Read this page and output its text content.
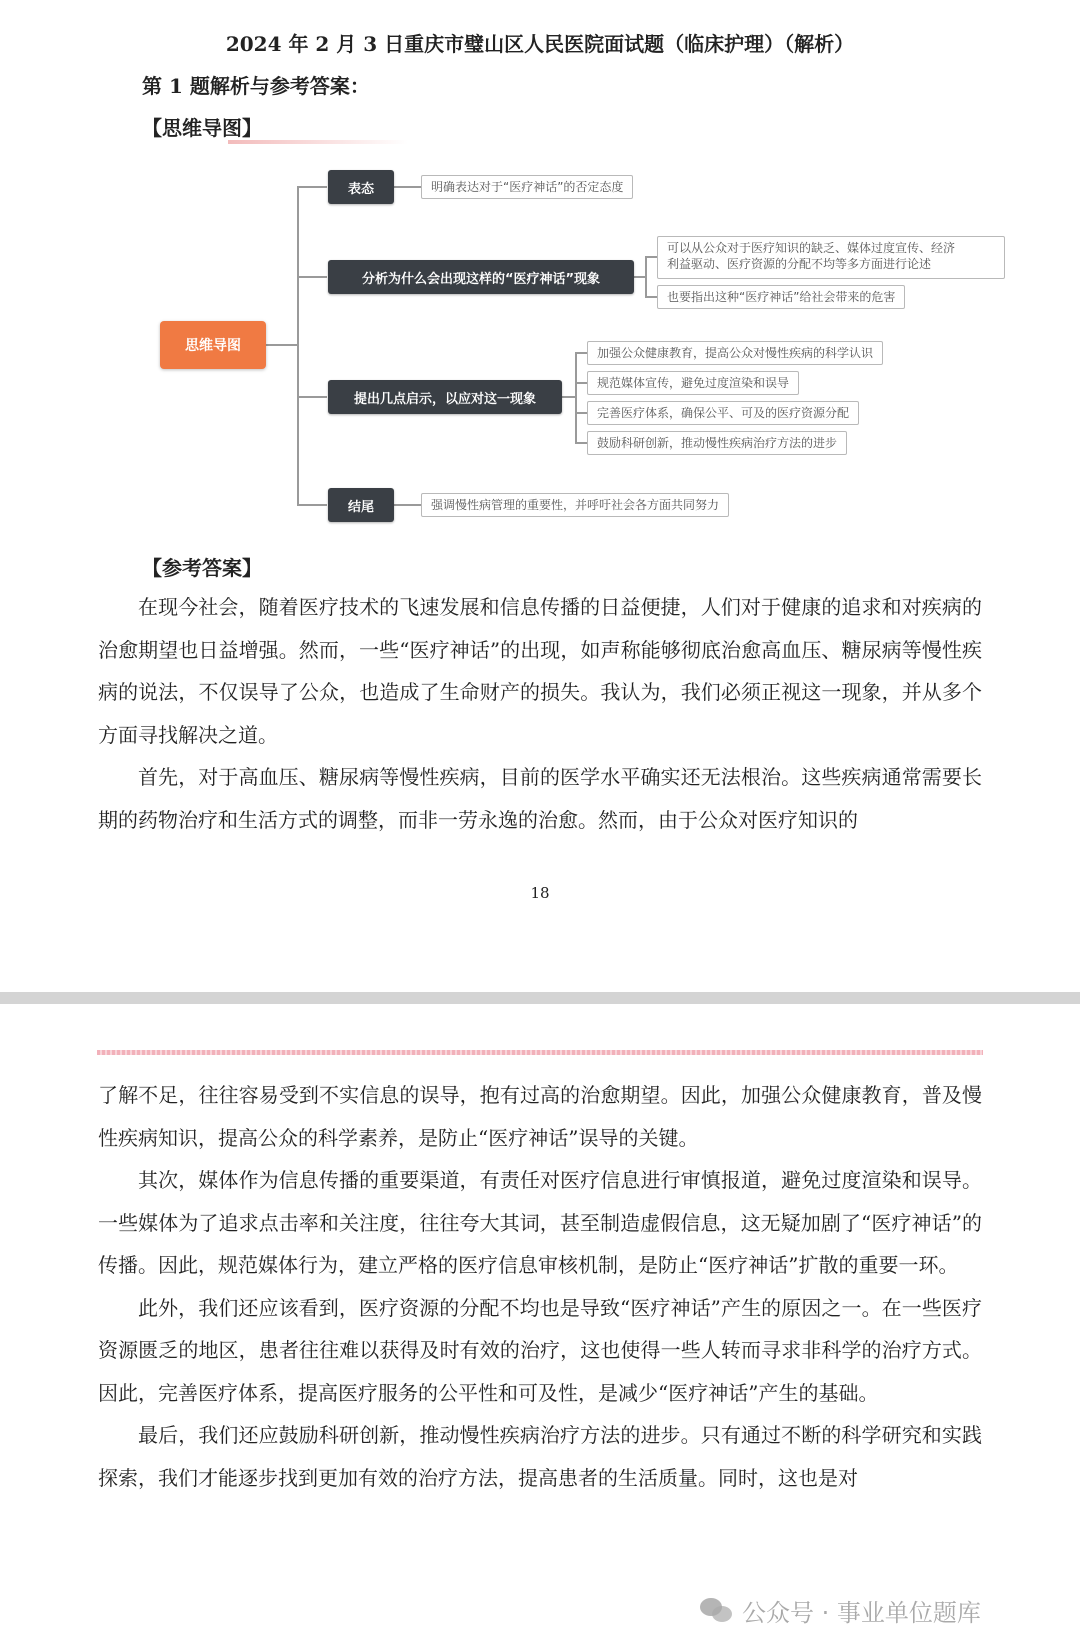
2024 年 2 月 3 日重庆市璧山区人民医院面试题（临床护理）（解析）
第 1 题解析与参考答案：
【思维导图】
思维导图
表态
分析为什么会出现这样的“医疗神话”现象
提出几点启示，以应对这一现象
结尾
明确表达对于“医疗神话”的否定态度
可以从公众对于医疗知识的缺乏、媒体过度宣传、经济
利益驱动、医疗资源的分配不均等多方面进行论述
也要指出这种“医疗神话”给社会带来的危害
加强公众健康教育，提高公众对慢性疾病的科学认识
规范媒体宣传，避免过度渲染和误导
完善医疗体系，确保公平、可及的医疗资源分配
鼓励科研创新，推动慢性疾病治疗方法的进步
强调慢性病管理的重要性，并呼吁社会各方面共同努力
【参考答案】

在现今社会，随着医疗技术的飞速发展和信息传播的日益便捷，人们对于健康的追求和对疾病的治愈期望也日益增强。然而，一些“医疗神话”的出现，如声称能够彻底治愈高血压、糖尿病等慢性疾病的说法，不仅误导了公众，也造成了生命财产的损失。我认为，我们必须正视这一现象，并从多个方面寻找解决之道。

首先，对于高血压、糖尿病等慢性疾病，目前的医学水平确实还无法根治。这些疾病通常需要长期的药物治疗和生活方式的调整，而非一劳永逸的治愈。然而，由于公众对医疗知识的

18

了解不足，往往容易受到不实信息的误导，抱有过高的治愈期望。因此，加强公众健康教育，普及慢性疾病知识，提高公众的科学素养，是防止“医疗神话”误导的关键。

其次，媒体作为信息传播的重要渠道，有责任对医疗信息进行审慎报道，避免过度渲染和误导。一些媒体为了追求点击率和关注度，往往夸大其词，甚至制造虚假信息，这无疑加剧了“医疗神话”的传播。因此，规范媒体行为，建立严格的医疗信息审核机制，是防止“医疗神话”扩散的重要一环。

此外，我们还应该看到，医疗资源的分配不均也是导致“医疗神话”产生的原因之一。在一些医疗资源匮乏的地区，患者往往难以获得及时有效的治疗，这也使得一些人转而寻求非科学的治疗方式。因此，完善医疗体系，提高医疗服务的公平性和可及性，是减少“医疗神话”产生的基础。

最后，我们还应鼓励科研创新，推动慢性疾病治疗方法的进步。只有通过不断的科学研究和实践探索，我们才能逐步找到更加有效的治疗方法，提高患者的生活质量。同时，这也是对

公众号 · 事业单位题库
